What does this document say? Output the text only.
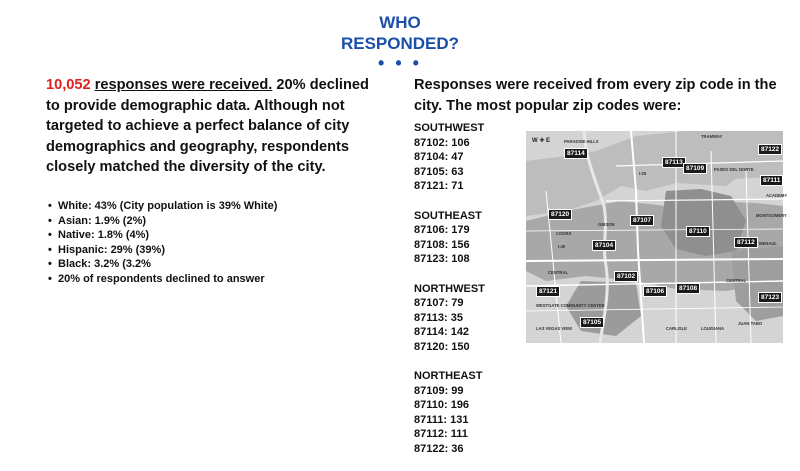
WHO
RESPONDED?
• • •

10,052 responses were received. 20% declined to provide demographic data. Although not targeted to achieve a perfect balance of city demographics and geography, respondents closely matched the diversity of the city.

• White: 43% (City population is 39% White)
• Asian: 1.9% (2%)
• Native: 1.8% (4%)
• Hispanic: 29% (39%)
• Black: 3.2% (3.2%
• 20% of respondents declined to answer

Responses were received from every zip code in the city. The most popular zip codes were:

SOUTHWEST
87102: 106
87104: 47
87105: 63
87121: 71
SOUTHEAST
87106: 179
87108: 156
87123: 108
NORTHWEST
87107: 79
87113: 35
87114: 142
87120: 150
NORTHEAST
87109: 99
87110: 196
87111: 131
87112: 111
87122: 36
W ✚ E
87114
87113
87122
87109
87111
87120
87107
87110
87104	87112
87102
87106	87108
87123
87121
87105
PARADISE HILLS
TRAMWAY
PASEO DEL NORTE
ACADEMY
MONTGOMERY
MENAUL
CENTRAL
CENTRAL
I-40
I-25
GIBSON
COORS
CARLISLE	LOUISIANA
JUAN TABO
WESTGATE COMMUNITY CENTER
LAS VEGAS VIEW
